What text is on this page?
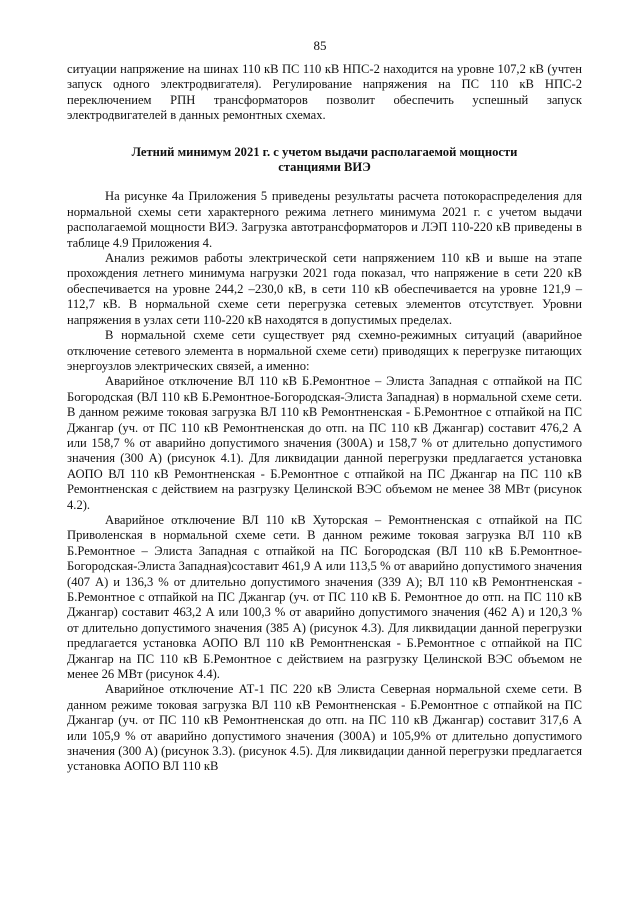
85

ситуации напряжение на шинах 110 кВ ПС 110 кВ НПС-2 находится на уровне 107,2 кВ (учтен запуск одного электродвигателя). Регулирование напряжения на ПС 110 кВ НПС-2 переключением РПН трансформаторов позволит обеспечить успешный запуск электродвигателей в данных ремонтных схемах.

Летний минимум 2021 г. с учетом выдачи располагаемой мощности
станциями ВИЭ

На рисунке 4а Приложения 5 приведены результаты расчета потокораспределения для нормальной схемы сети характерного режима летнего минимума 2021 г. с учетом выдачи располагаемой мощности ВИЭ. Загрузка автотрансформаторов и ЛЭП 110-220 кВ приведены в таблице 4.9 Приложения 4.

Анализ режимов работы электрической сети напряжением 110 кВ и выше на этапе прохождения летнего минимума нагрузки 2021 года показал, что напряжение в сети 220 кВ обеспечивается на уровне 244,2 –230,0 кВ, в сети 110 кВ обеспечивается на уровне 121,9 – 112,7 кВ. В нормальной схеме сети перегрузка сетевых элементов отсутствует. Уровни напряжения в узлах сети 110-220 кВ находятся в допустимых пределах.

В нормальной схеме сети существует ряд схемно-режимных ситуаций (аварийное отключение сетевого элемента в нормальной схеме сети) приводящих к перегрузке питающих энергоузлов электрических связей, а именно:

Аварийное отключение ВЛ 110 кВ Б.Ремонтное – Элиста Западная с отпайкой на ПС Богородская (ВЛ 110 кВ Б.Ремонтное-Богородская-Элиста Западная) в нормальной схеме сети. В данном режиме токовая загрузка ВЛ 110 кВ Ремонтненская - Б.Ремонтное с отпайкой на ПС Джангар (уч. от ПС 110 кВ Ремонтненская до отп. на ПС 110 кВ Джангар) составит 476,2 А или 158,7 % от аварийно допустимого значения (300А) и 158,7 % от длительно допустимого значения (300 А) (рисунок 4.1). Для ликвидации данной перегрузки предлагается установка АОПО ВЛ 110 кВ Ремонтненская - Б.Ремонтное с отпайкой на ПС Джангар на ПС 110 кВ Ремонтненская с действием на разгрузку Целинской ВЭС объемом не менее 38 МВт (рисунок 4.2).

Аварийное отключение ВЛ 110 кВ Хуторская – Ремонтненская с отпайкой на ПС Приволенская в нормальной схеме сети. В данном режиме токовая загрузка ВЛ 110 кВ Б.Ремонтное – Элиста Западная с отпайкой на ПС Богородская (ВЛ 110 кВ Б.Ремонтное-Богородская-Элиста Западная)составит 461,9 А или 113,5 % от аварийно допустимого значения (407 А) и 136,3 % от длительно допустимого значения (339 А); ВЛ 110 кВ Ремонтненская - Б.Ремонтное с отпайкой на ПС Джангар (уч. от ПС 110 кВ Б. Ремонтное до отп. на ПС 110 кВ Джангар) составит 463,2 А или 100,3 % от аварийно допустимого значения (462 А) и 120,3 % от длительно допустимого значения (385 А) (рисунок 4.3). Для ликвидации данной перегрузки предлагается установка АОПО ВЛ 110 кВ Ремонтненская - Б.Ремонтное с отпайкой на ПС Джангар на ПС 110 кВ Б.Ремонтное с действием на разгрузку Целинской ВЭС объемом не менее 26 МВт (рисунок 4.4).

Аварийное отключение АТ-1 ПС 220 кВ Элиста Северная нормальной схеме сети. В данном режиме токовая загрузка ВЛ 110 кВ Ремонтненская - Б.Ремонтное с отпайкой на ПС Джангар (уч. от ПС 110 кВ Ремонтненская до отп. на ПС 110 кВ Джангар) составит 317,6 А или 105,9 % от аварийно допустимого значения (300А) и 105,9% от длительно допустимого значения (300 А) (рисунок 3.3). (рисунок 4.5). Для ликвидации данной перегрузки предлагается установка АОПО ВЛ 110 кВ
